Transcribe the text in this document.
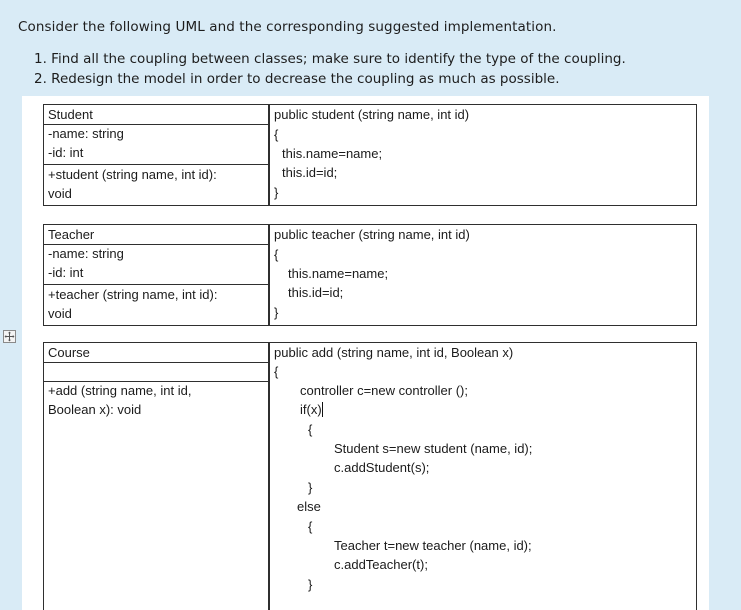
Consider the following UML and the corresponding suggested implementation.
1. Find all the coupling between classes; make sure to identify the type of the coupling.
2. Redesign the model in order to decrease the coupling as much as possible.
Student
-name: string
-id: int
+student (string name, int id):
void
public student (string name, int id)
{
this.name=name;
this.id=id;
}
Teacher
-name: string
-id: int
+teacher (string name, int id):
void
public teacher (string name, int id)
{
this.name=name;
this.id=id;
}
Course
+add (string name, int id,
Boolean x): void
public add (string name, int id, Boolean x)
{
controller c=new controller ();
if(x)
{
Student s=new student (name, id);
c.addStudent(s);
}
else
{
Teacher t=new teacher (name, id);
c.addTeacher(t);
}
